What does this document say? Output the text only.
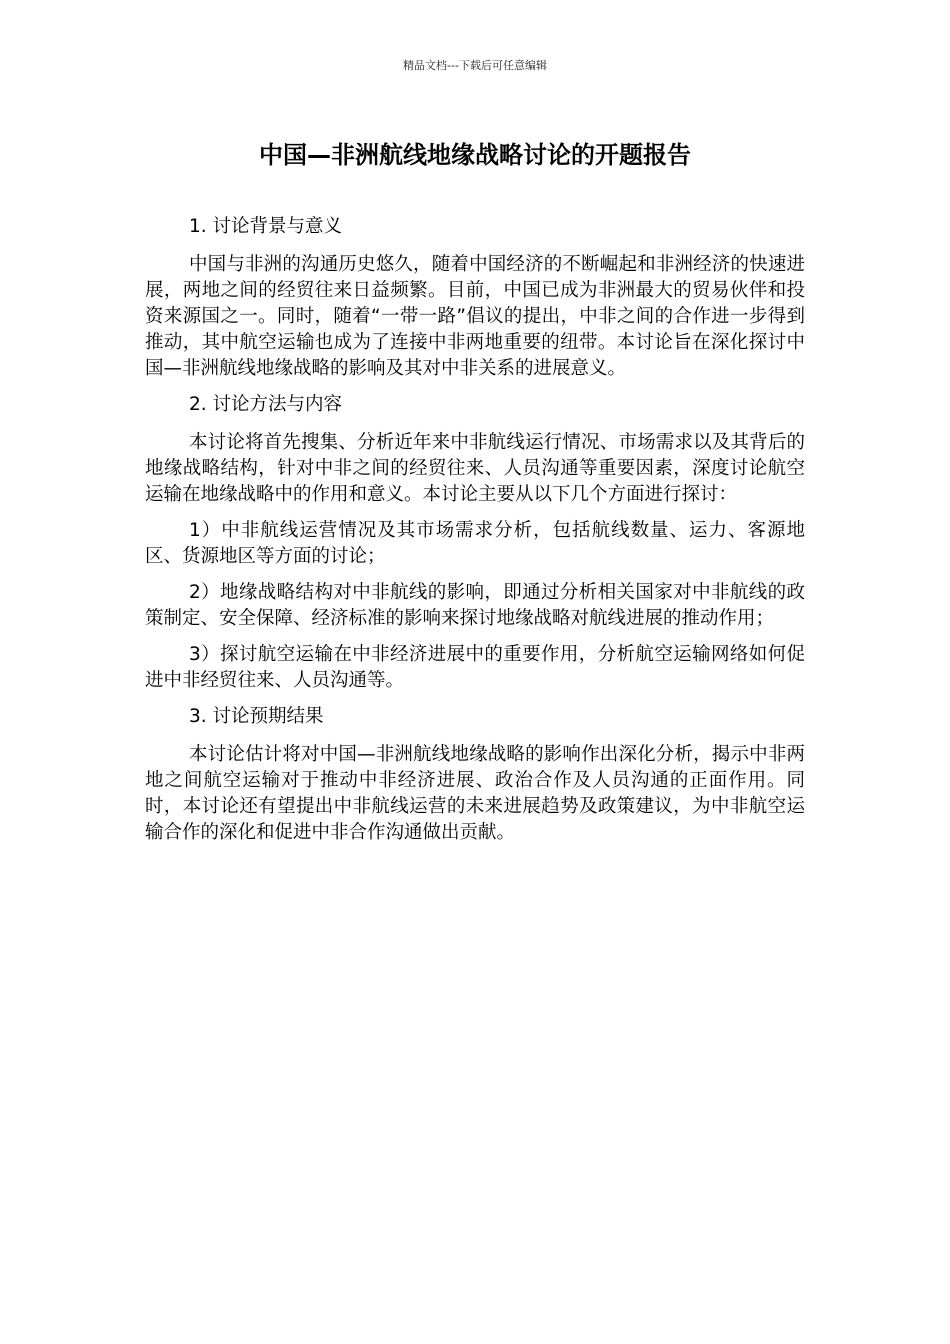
精品文档---下载后可任意编辑
中国—非洲航线地缘战略讨论的开题报告

1. 讨论背景与意义

中国与非洲的沟通历史悠久，随着中国经济的不断崛起和非洲经济的快速进展，两地之间的经贸往来日益频繁。目前，中国已成为非洲最大的贸易伙伴和投资来源国之一。同时，随着“一带一路”倡议的提出，中非之间的合作进一步得到推动，其中航空运输也成为了连接中非两地重要的纽带。本讨论旨在深化探讨中国—非洲航线地缘战略的影响及其对中非关系的进展意义。

2. 讨论方法与内容

本讨论将首先搜集、分析近年来中非航线运行情况、市场需求以及其背后的地缘战略结构，针对中非之间的经贸往来、人员沟通等重要因素，深度讨论航空运输在地缘战略中的作用和意义。本讨论主要从以下几个方面进行探讨：

1）中非航线运营情况及其市场需求分析，包括航线数量、运力、客源地区、货源地区等方面的讨论；

2）地缘战略结构对中非航线的影响，即通过分析相关国家对中非航线的政策制定、安全保障、经济标准的影响来探讨地缘战略对航线进展的推动作用；

3）探讨航空运输在中非经济进展中的重要作用，分析航空运输网络如何促进中非经贸往来、人员沟通等。

3. 讨论预期结果

本讨论估计将对中国—非洲航线地缘战略的影响作出深化分析，揭示中非两地之间航空运输对于推动中非经济进展、政治合作及人员沟通的正面作用。同时，本讨论还有望提出中非航线运营的未来进展趋势及政策建议，为中非航空运输合作的深化和促进中非合作沟通做出贡献。
